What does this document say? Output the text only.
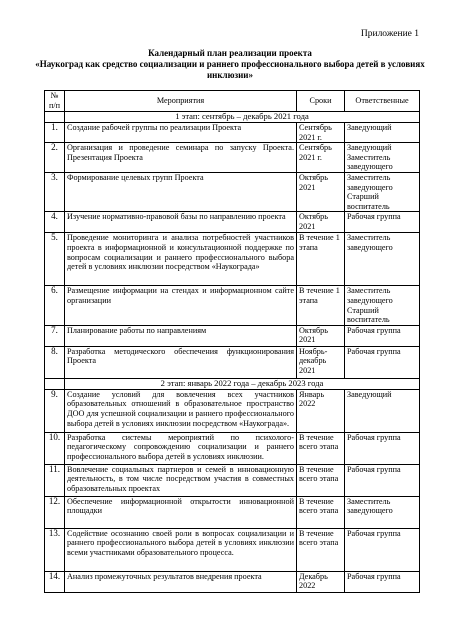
Приложение 1
Календарный план реализации проекта
«Наукоград как средство социализации и раннего профессионального выбора детей в условиях инклюзии»
№ п/п	Мероприятия	Сроки	Ответственные
	1 этап: сентябрь – декабрь 2021 года		
1.	Создание рабочей группы по реализации Проекта	Сентябрь 2021 г.	Заведующий
2.	Организация и проведение семинара по запуску Проекта. Презентация Проекта	Сентябрь 2021 г.	Заведующий Заместитель заведующего
3.	Формирование целевых групп Проекта	Октябрь 2021	Заместитель заведующего Старший воспитатель
4.	Изучение нормативно-правовой базы по направлению проекта	Октябрь 2021	Рабочая группа
5.	Проведение мониторинга и анализа потребностей участников проекта в информационной и консультационной поддержке по вопросам социализации и раннего профессионального выбора детей в условиях инклюзии посредством «Наукограда»	В течение 1 этапа	Заместитель заведующего
6.	Размещение информации на стендах и информационном сайте организации	В течение 1 этапа	Заместитель заведующего Старший воспитатель
7.	Планирование работы по направлениям	Октябрь 2021	Рабочая группа
8.	Разработка методического обеспечения функционирования Проекта	Ноябрь-декабрь 2021	Рабочая группа
	2 этап: январь 2022 года – декабрь 2023 года		
9.	Создание условий для вовлечения всех участников образовательных отношений в образовательное пространство ДОО для успешной социализации и раннего профессионального выбора детей в условиях инклюзии посредством «Наукограда».	Январь 2022	Заведующий
10.	Разработка системы мероприятий по психолого-педагогическому сопровождению социализации и раннего профессионального выбора детей в условиях инклюзии.	В течение всего этапа	Рабочая группа
11.	Вовлечение социальных партнеров и семей в инновационную деятельность, в том числе посредством участия в совместных образовательных проектах	В течение всего этапа	Рабочая группа
12.	Обеспечение информационной открытости инновационной площадки	В течение всего этапа	Заместитель заведующего
13.	Содействие осознанию своей роли в вопросах социализации и раннего профессионального выбора детей в условиях инклюзии всеми участниками образовательного процесса.	В течение всего этапа	Рабочая группа
14.	Анализ промежуточных результатов внедрения проекта	Декабрь 2022	Рабочая группа
